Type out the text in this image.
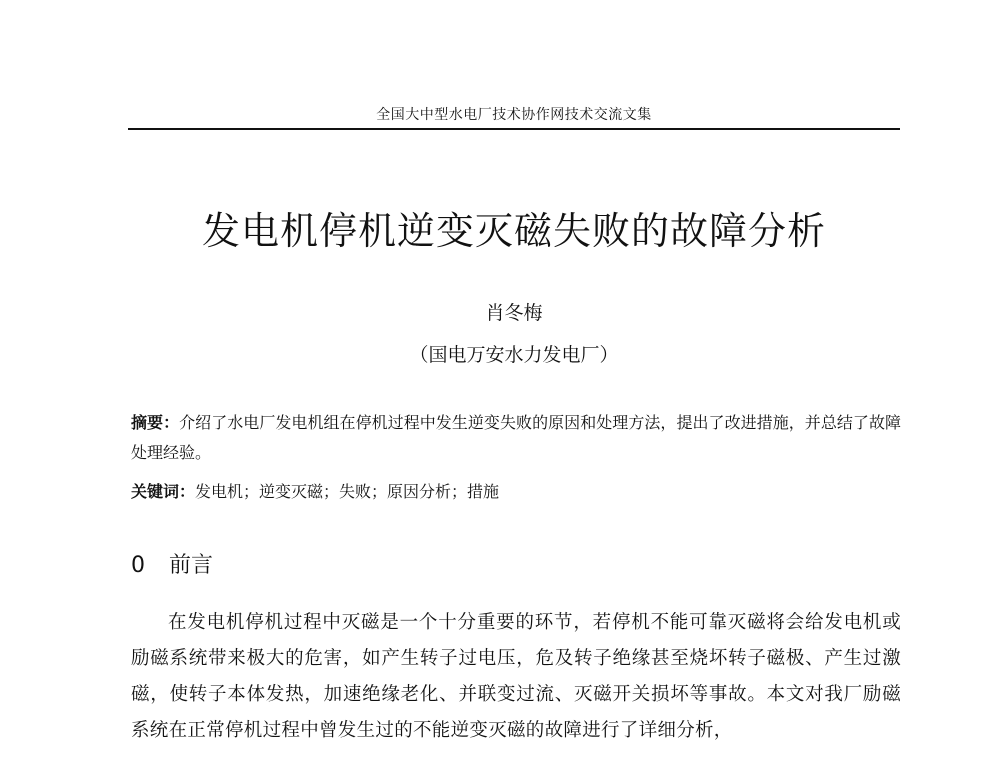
全国大中型水电厂技术协作网技术交流文集
发电机停机逆变灭磁失败的故障分析
肖冬梅
（国电万安水力发电厂）
摘要：介绍了水电厂发电机组在停机过程中发生逆变失败的原因和处理方法，提出了改进措施，并总结了故障处理经验。
关键词：发电机；逆变灭磁；失败；原因分析；措施
0 前言
在发电机停机过程中灭磁是一个十分重要的环节，若停机不能可靠灭磁将会给发电机或励磁系统带来极大的危害，如产生转子过电压，危及转子绝缘甚至烧坏转子磁极、产生过激磁，使转子本体发热，加速绝缘老化、并联变过流、灭磁开关损坏等事故。本文对我厂励磁系统在正常停机过程中曾发生过的不能逆变灭磁的故障进行了详细分析，
